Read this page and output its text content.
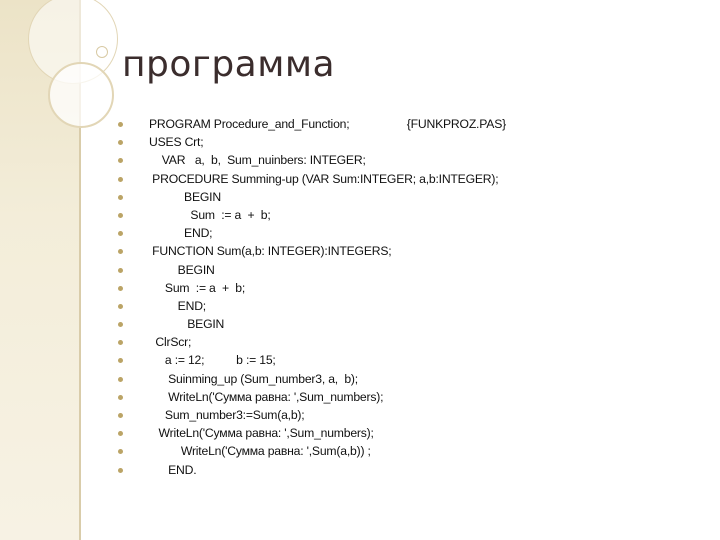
программа
PROGRAM Procedure_and_Function;                  {FUNKPROZ.PAS}
USES Crt;
VAR   a,  b,  Sum_nuinbers: INTEGER;
PROCEDURE Summing-up (VAR Sum:INTEGER; a,b:INTEGER);
BEGIN
Sum  := a  +  b;
END;
FUNCTION Sum(a,b: INTEGER):INTEGERS;
BEGIN
Sum  := a  +  b;
END;
BEGIN
ClrScr;
a := 12;          b := 15;
Suinming_up (Sum_number3, a,  b);
WriteLn('Сумма равна: ',Sum_numbers);
Sum_number3:=Sum(a,b);
WriteLn('Сумма равна: ',Sum_numbers);
WriteLn('Сумма равна: ',Sum(a,b)) ;
END.
